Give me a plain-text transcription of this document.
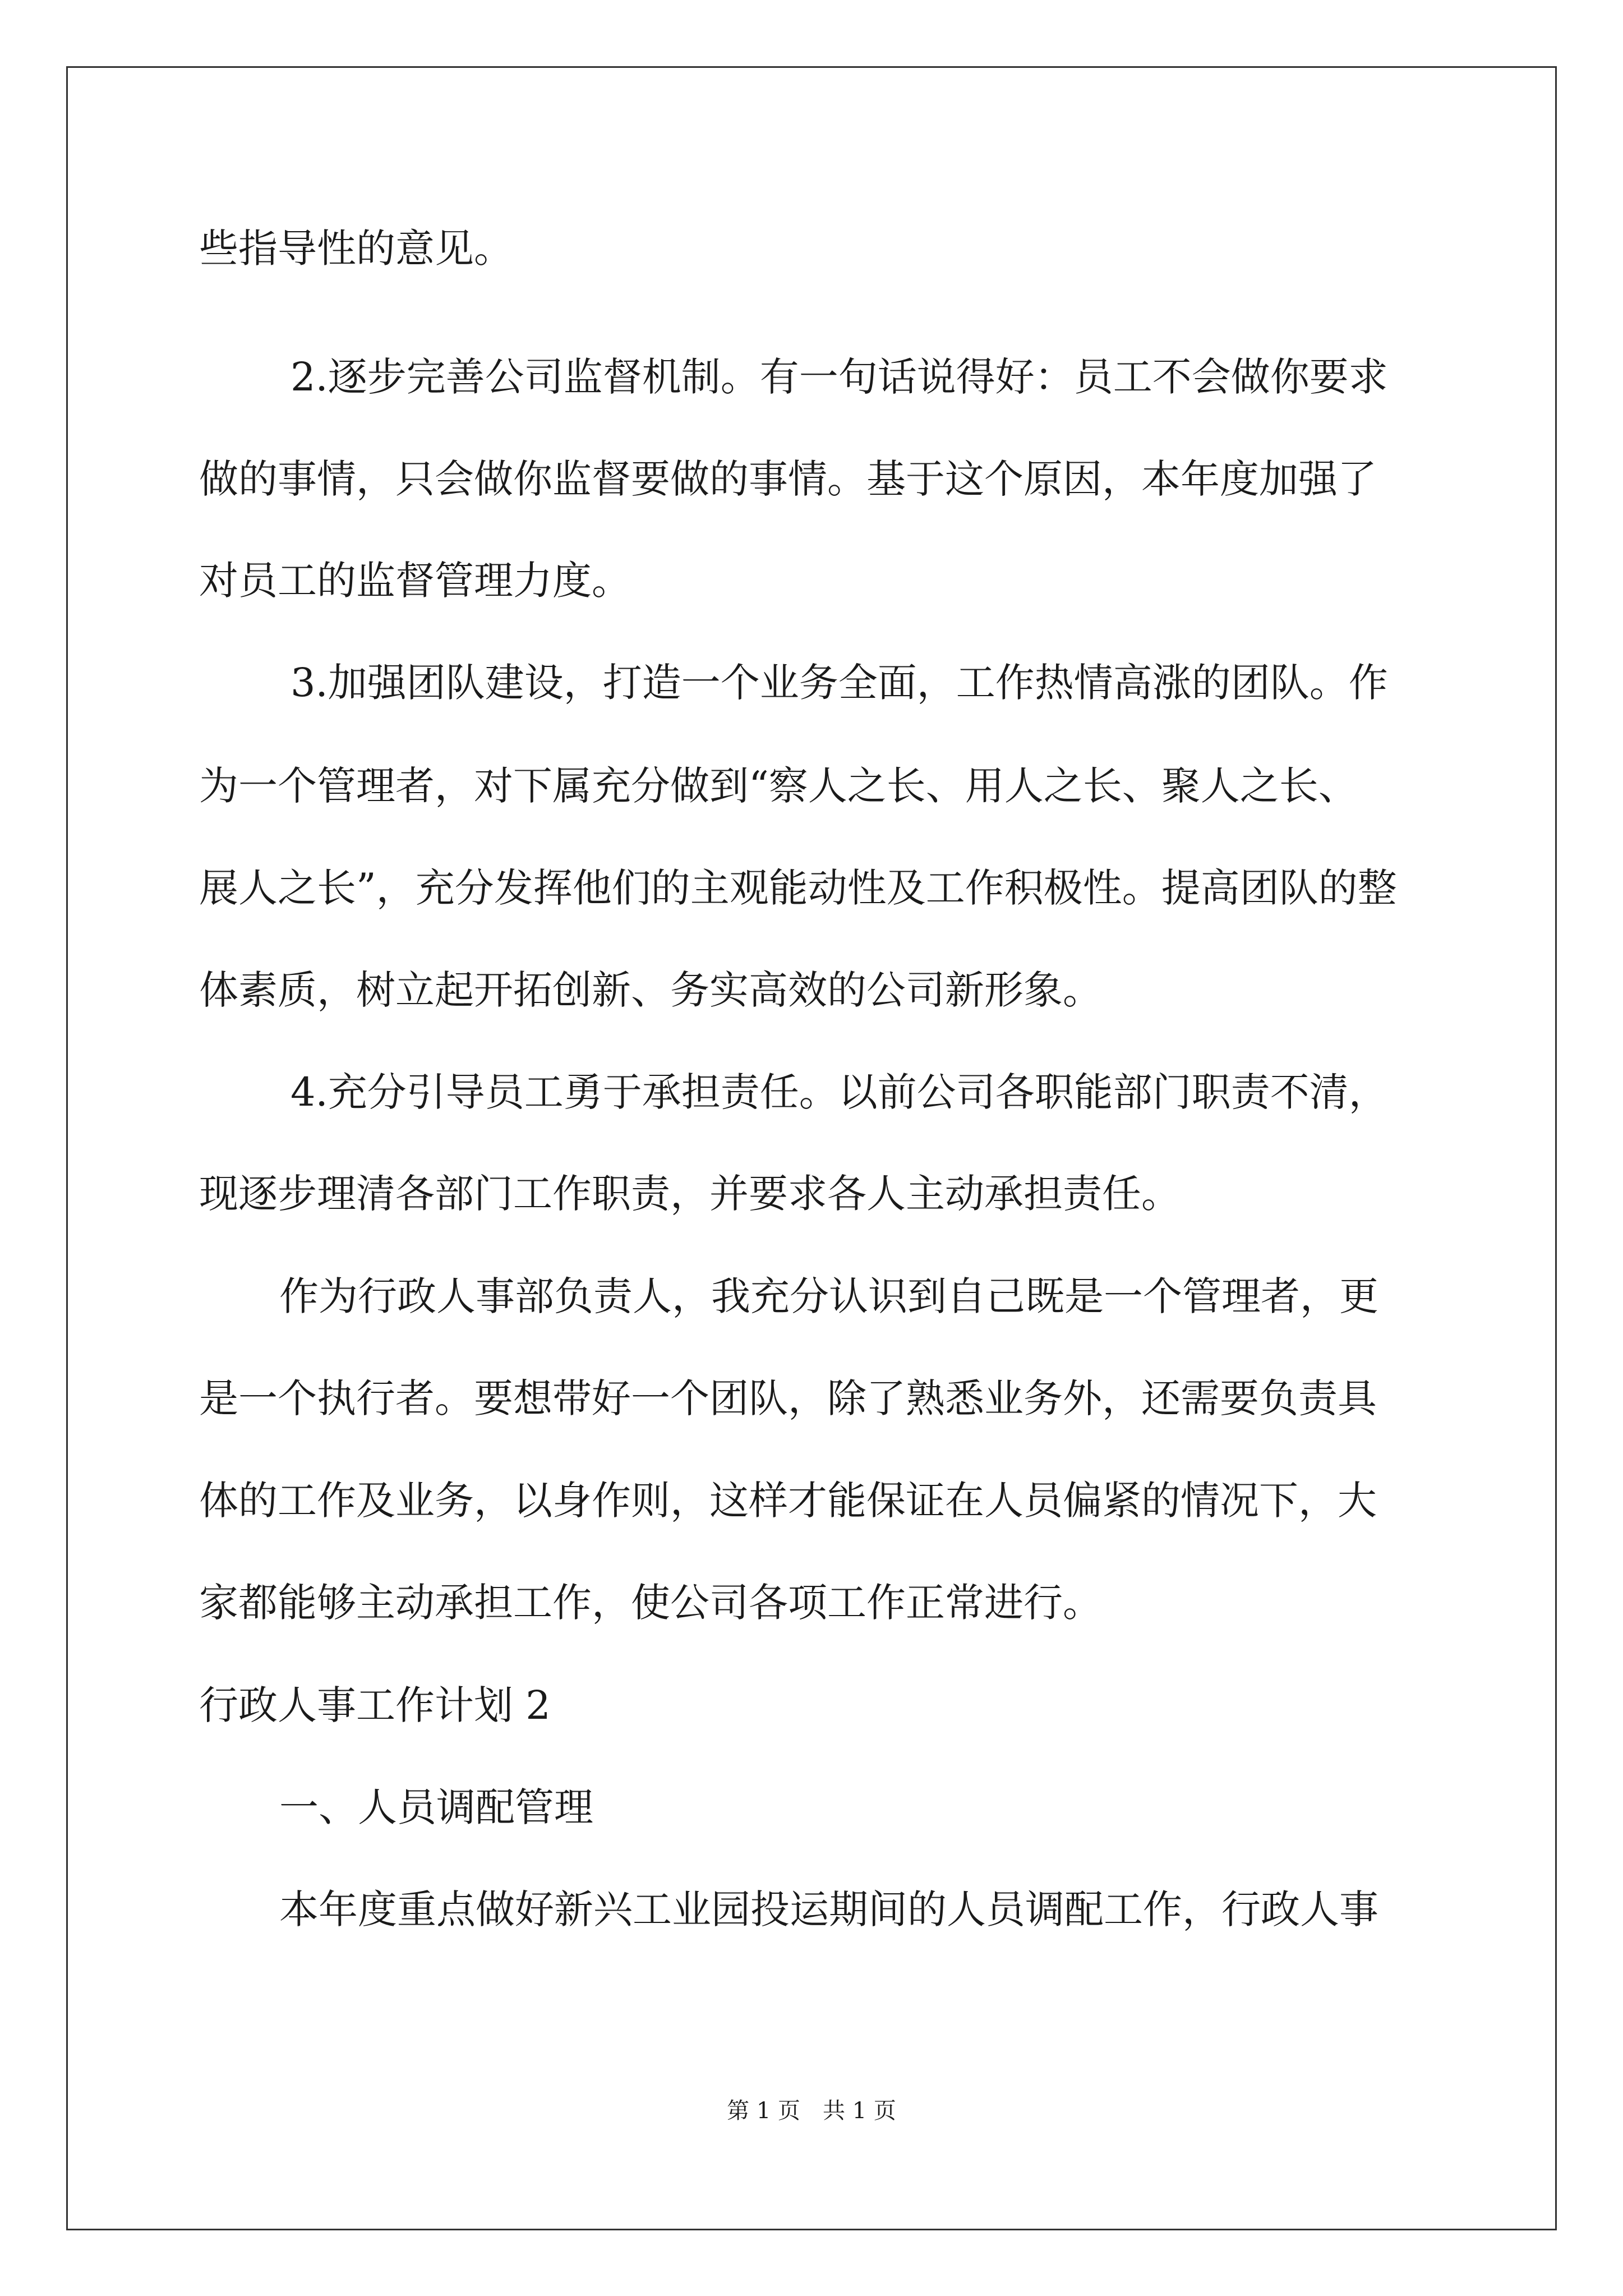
些指导性的意见。
2.逐步完善公司监督机制。有一句话说得好：员工不会做你要求
做的事情，只会做你监督要做的事情。基于这个原因，本年度加强了
对员工的监督管理力度。
3.加强团队建设，打造一个业务全面，工作热情高涨的团队。作
为一个管理者，对下属充分做到“察人之长、用人之长、聚人之长、
展人之长”，充分发挥他们的主观能动性及工作积极性。提高团队的整
体素质，树立起开拓创新、务实高效的公司新形象。
4.充分引导员工勇于承担责任。以前公司各职能部门职责不清，
现逐步理清各部门工作职责，并要求各人主动承担责任。
作为行政人事部负责人，我充分认识到自己既是一个管理者，更
是一个执行者。要想带好一个团队，除了熟悉业务外，还需要负责具
体的工作及业务，以身作则，这样才能保证在人员偏紧的情况下，大
家都能够主动承担工作，使公司各项工作正常进行。
行政人事工作计划 2
一、人员调配管理
本年度重点做好新兴工业园投运期间的人员调配工作，行政人事
第 1 页 共 1 页
